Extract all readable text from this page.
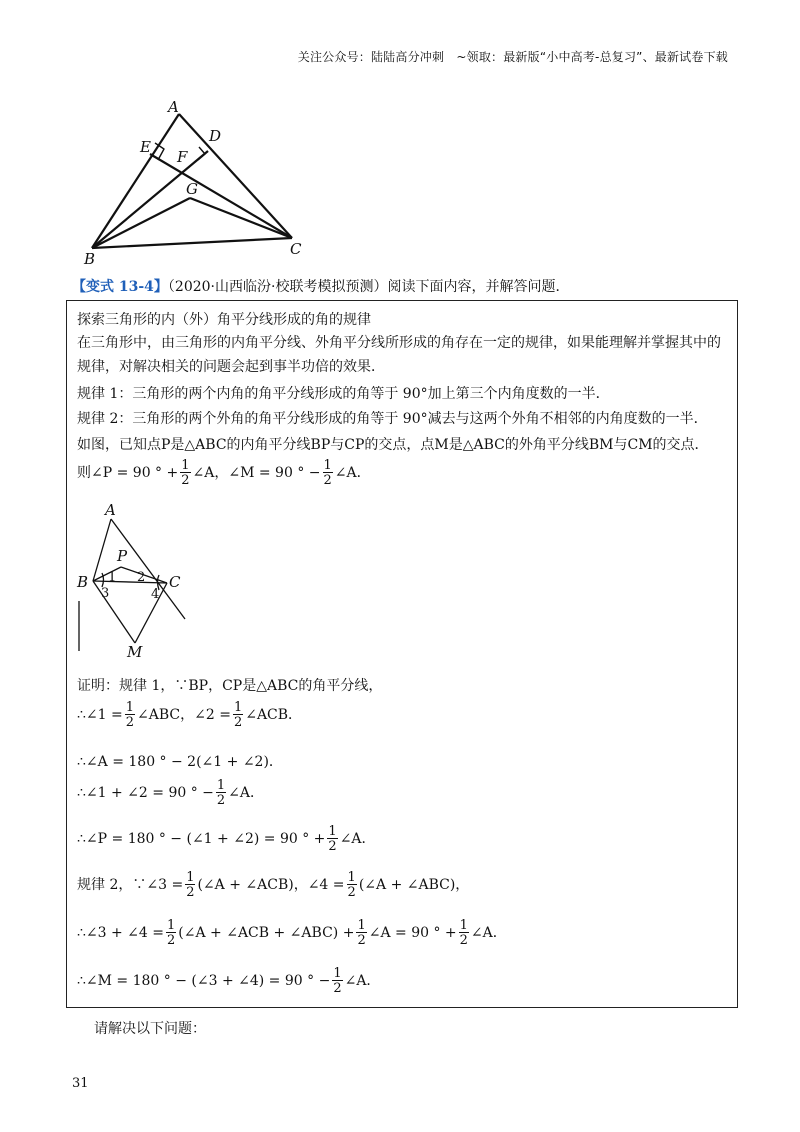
关注公众号：陆陆高分冲刺　~领取：最新版“小中高考-总复习”、最新试卷下载
A
D
E
F
G
B
C
【变式 13-4】（2020·山西临汾·校联考模拟预测）阅读下面内容，并解答问题．
探索三角形的内（外）角平分线形成的角的规律
在三角形中，由三角形的内角平分线、外角平分线所形成的角存在一定的规律，如果能理解并掌握其中的规律，对解决相关的问题会起到事半功倍的效果．
规律 1：三角形的两个内角的角平分线形成的角等于 90°加上第三个内角度数的一半．
规律 2：三角形的两个外角的角平分线形成的角等于 90°减去与这两个外角不相邻的内角度数的一半．
如图，已知点P是△ABC的内角平分线BP与CP的交点，点M是△ABC的外角平分线BM与CM的交点．
则∠P = 90 ° + $\frac{1}{2}$ ∠A，∠M = 90 ° − $\frac{1}{2}$ ∠A．
A
P
B	C
M
1 2
3	4
证明：规律 1，∵BP，CP是△ABC的角平分线，
∴∠1 = $\frac{1}{2}$ ∠ABC，∠2 = $\frac{1}{2}$ ∠ACB．
∴∠A = 180 ° − 2(∠1 + ∠2)．
∴∠1 + ∠2 = 90 ° − $\frac{1}{2}$ ∠A．
∴∠P = 180 ° − (∠1 + ∠2) = 90 ° + $\frac{1}{2}$ ∠A．
规律 2，∵∠3 = $\frac{1}{2}$ (∠A + ∠ACB)，∠4 = $\frac{1}{2}$ (∠A + ∠ABC)，
∴∠3 + ∠4 = $\frac{1}{2}$ (∠A + ∠ACB + ∠ABC) + $\frac{1}{2}$ ∠A = 90 ° + $\frac{1}{2}$ ∠A．
∴∠M = 180 ° − (∠3 + ∠4) = 90 ° − $\frac{1}{2}$ ∠A．
请解决以下问题：
31
